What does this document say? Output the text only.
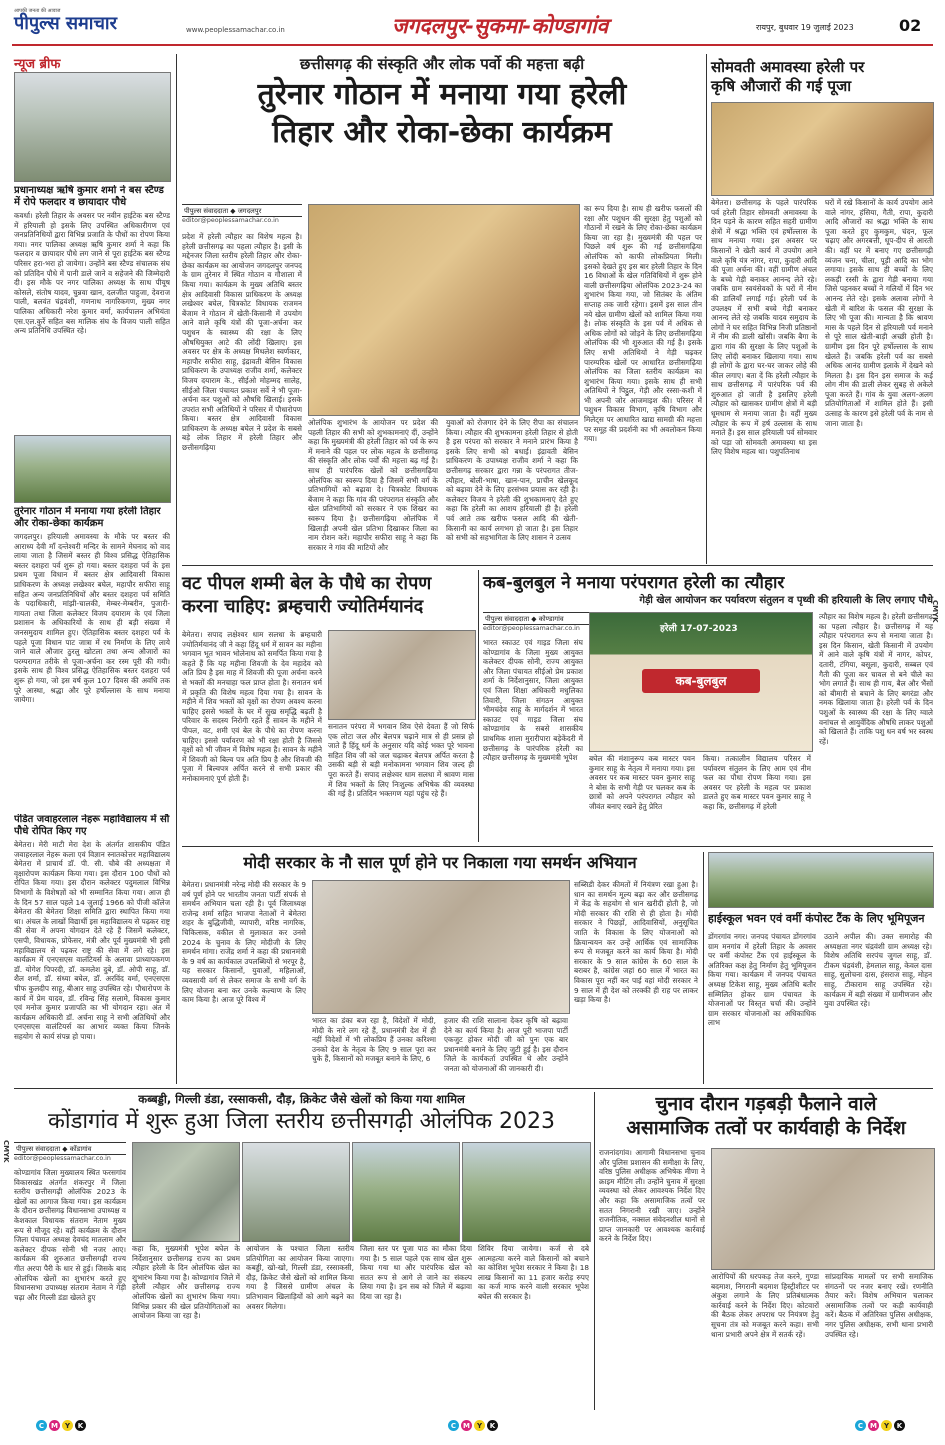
आपकी जनता की आवाज
पीपुल्स समाचार	www.peoplessamachar.co.in	जगदलपुर-सुकमा-कोण्डागांव	रायपुर, बुधवार 19 जुलाई 2023	02
न्यूज ब्रीफ
प्रधानाध्यक्ष ऋषि कुमार शर्मा ने बस स्टैण्ड में रोपे फलदार व छायादार पौधे
कवर्धा। हरेली तिहार के अवसर पर नवीन हाईटेक बस स्टैण्ड में हरियाली हो इसके लिए उपस्थित अधिकारीगण एवं जनप्रतिनिधियों द्वारा विभिन्न प्रजाति के पौधों का रोपण किया गया। नगर पालिका अध्यक्ष ऋषि कुमार शर्मा ने कहा कि फलदार व छायादार पौधे लग जाने से पूरा हाईटेक बस स्टैण्ड परिसर हरा-भरा हो जायेगा। उन्होंने बस स्टैण्ड संचालक संघ को प्रतिदिन पौधे में पानी डाले जाने व सहेजने की जिम्मेदारी दी। इस मौके पर नगर पालिका अध्यक्ष के साथ पीयूष कोसले, संतोष यादव, चुन्नवा खान, दलजीत पाहुजा, देवराज पाली, बलवंत चंद्रवंशी, गणनाथ नागरिकगण, मुख्य नगर पालिका अधिकारी नरेश कुमार वर्मा, कार्यपालन अभियंता एस.एल.कुर्रे सहित बस मालिक संघ के विजय पाली सहित अन्य प्रतिनिधि उपस्थित रहे।
तुरेनार गोठान में मनाया गया हरेली तिहार और रोका-छेका कार्यक्रम
जगदलपुर। हरियाली अमावस्या के मौके पर बस्तर की आराध्य देवी माँ दन्तेश्वरी मन्दिर के सामने मेघनाद को वाद लाया जाता है जिसमें बस्तर ही विश्व प्रसिद्ध ऐतिहासिक बस्तर दशहरा पर्व शुरू हो गया। बस्तर दशहरा पर्व के इस प्रथम पूजा विधान में बस्तर क्षेत्र आदिवासी विकास प्राधिकरण के अध्यक्ष लखेश्वर बघेल, महापौर सफीरा साहू सहित अन्य जनप्रतिनिधियों और बस्तर दशहरा पर्व समिति के पदाधिकारी, मांझी-चालकी, मेम्बर-मेम्बरीन, पुजारी-गायता तथा जिला कलेक्टर विजय दयाराम के एवं जिला प्रशासन के अधिकारियों के साथ ही बड़ी संख्या में जनसमुदाय शामिल हुए। ऐतिहासिक बस्तर दशहरा पर्व के पहले पूजा विधान पाट जात्रा में रथ निर्माण के लिए लाये जाने वाले औजार ठुरलु खोटला तथा अन्य औजारों का परम्परागत तरीके से पूजा-अर्चना कर रस्म पूरी की गयी। इसके साथ ही विश्व प्रसिद्ध ऐतिहासिक बस्तर दशहरा पर्व शुरू हो गया, जो इस वर्ष कुल 107 दिवस की अवधि तक पूरे आस्था, श्रद्धा और पूरे हर्षोल्लास के साथ मनाया जायेगा।
पंडित जवाहरलाल नेहरू महाविद्यालय में सौ पौधे रोपित किए गए
बेमेतरा। मेरी माटी मेरा देश के अंतर्गत शासकीय पंडित जवाहरलाल नेहरू कला एवं विज्ञान स्नातकोत्तर महाविद्यालय बेमेतरा में प्राचार्य डॉ. पी. सी. चौबे की अध्यक्षता में वृक्षारोपण कार्यक्रम किया गया। इस दौरान 100 पौधों को रोपित किया गया। इस दौरान कलेक्टर पदुमलाल विभिन्न विभागों के विशेषज्ञों को भी सम्मानित किया गया। आज ही के दिन 57 साल पहले 14 जुलाई 1966 को पीजी कॉलेज बेमेतरा की बेमेतरा शिक्षा समिति द्वारा स्थापित किया गया था। अंचल के लाखों विद्यार्थी इस महाविद्यालय से पढ़कर राष्ट्र की सेवा में अपना योगदान देते रहे हैं जिसमें कलेक्टर, एसपी, विधायक, प्रोफेसर, मंत्री और पूर्व मुख्यमंत्री भी इसी महाविद्यालय से पढ़कर राष्ट्र की सेवा में लगे रहे। इस कार्यक्रम में एनएसएस वालंटियर्स के अलावा प्राध्यापकगण डॉ. योगेश पिपरदी, डॉ. कमलेश दुबे, डॉ. ओपी साहू, डॉ. शैल शर्मा, डॉ. संध्या बघेल, डॉ. अरविंद वर्मा, एनएसएस चीफ कुलदीप साहू, बीआर साहू उपस्थित रहे। पौधारोपण के कार्य में प्रेम यादव, डॉ. रविन्द्र सिंह सलामे, विकास कुमार एवं मनोज कुमार प्रजापति का भी योगदान रहा। अंत में कार्यक्रम अधिकारी डॉ. अर्चना साहू ने सभी अतिथियों और एनएसएस वालंटियर्स का आभार व्यक्त किया जिनके सहयोग से कार्य संपन्न हो पाया।
छत्तीसगढ़ की संस्कृति और लोक पर्वो की महत्ता बढ़ी
तुरेनार गोठान में मनाया गया हरेली
तिहार और रोका-छेका कार्यक्रम
पीपुल्स संवाददाता ◆ जगदलपुर
editor@peoplessamachar.co.in
प्रदेश में हरेली त्यौहार का विशेष महत्व है। हरेली छत्तीसगढ़ का पहला त्यौहार है। इसी के मद्देनजर जिला स्तरीय हरेली तिहार और रोका-छेका कार्यक्रम का आयोजन जगदलपुर जनपद के ग्राम तुरेनार में स्थित गोठान व गौशाला में किया गया। कार्यक्रम के मुख्य अतिथि बस्तर क्षेत्र आदिवासी विकास प्राधिकरण के अध्यक्ष लखेश्वर बघेल, चित्रकोट विधायक राजमन बेंजाम ने गोठान में खेती-किसानी में उपयोग आने वाले कृषि यंत्रों की पूजा-अर्चना कर पशुधन के स्वास्थ्य की रक्षा के लिए औषधियुक्त आटे की लोंदी खिलाए। इस अवसर पर क्षेत्र के अध्यक्ष मिथलेश स्वर्णकार, महापौर सफीरा साहू, इंद्रावती बेसिन विकास प्राधिकरण के उपाध्यक्ष राजीव शर्मा, कलेक्टर विजय दयाराम के., सीईओ मोहम्मद सालेह, सीईओ जिला पंचायत प्रकाश सर्वे ने भी पूजा-अर्चना कर पशुओं को औषधि खिलाई। इसके उपरांत सभी अतिथियों ने परिसर में पौधारोपण किया। बस्तर क्षेत्र आदिवासी विकास प्राधिकरण के अध्यक्ष बघेल ने प्रदेश के सबसे बड़े लोक तिहार में हरेली तिहार और छत्तीसगढ़िया
ओलंपिक शुभारंभ के आयोजन पर प्रदेश की पहली तिहार की सभी को शुभकामनाएं दीं, उन्होंने कहा कि मुख्यमंत्री की हरेली तिहार को पर्व के रूप में मनाने की पहल पर लोक महत्व के छत्तीसगढ़ की संस्कृति और लोक पर्वों की महत्ता बढ़ गई है। साथ ही पारंपरिक खेलों को छत्तीसगढ़िया ओलंपिक का स्वरूप दिया है जिसमें सभी वर्ग के प्रतिभागियों को बढ़ावा दे। चित्रकोट विधायक बेंजाम ने कहा कि गांव की परंपरागत संस्कृति और खेल प्रतिभागियों को सरकार ने एक शिखर का स्वरूप दिया है। छत्तीसगढ़िया ओलंपिक में खिलाड़ी अपनी खेल प्रतिभा दिखाकर जिला का नाम रोशन करें। महापौर सफीरा साहू ने कहा कि सरकार ने गांव की माटियों और
युवाओं को रोजगार देने के लिए रीपा का संचालन किया। त्यौहार की शुभकामना हरेली तिहार से होती है इस परंपरा को सरकार ने मनाने प्रारंभ किया है इसके लिए सभी को बधाई। इंद्रावती बेसिन प्राधिकरण के उपाध्यक्ष राजीव शर्मा ने कहा कि छत्तीसगढ़ सरकार द्वारा गन्ना के परंपरागत तीज-त्यौहार, बोली-भाषा, खान-पान, प्राचीन खेलकूद को बढ़ावा देने के लिए हरसंभव प्रयास कर रही है। कलेक्टर विजय ने हरेली की शुभकामनाएं देते हुए कहा कि हरेली का आशय हरियाली ही है। हरेली पर्व आते तक खरीफ फसल आदि की खेती-किसानी का कार्य लगभग हो जाता है। इस तिहार को सभी को सहभागिता के लिए शासन ने उत्सव
का रूप दिया है। साथ ही खरीफ फसलों की रक्षा और पशुधन की सुरक्षा हेतु पशुओं को गौठानों में रखने के लिए रोका-छेका कार्यक्रम किया जा रहा है। मुख्यमंत्री की पहल पर पिछले वर्ष शुरू की गई छत्तीसगढ़िया ओलंपिक को काफी लोकप्रियता मिली। इसको देखते हुए इस बार हरेली तिहार के दिन 16 विधाओं के खेल गतिविधियों में शुरू होने वाली छत्तीसगढ़िया ओलंपिक 2023-24 का शुभारंभ किया गया, जो सितंबर के अंतिम सप्ताह तक जारी रहेगा। इसमें इस साल तीन नये खेल ग्रामीण खेलों को शामिल किया गया है। लोक संस्कृति के इस पर्व में अधिक से अधिक लोगों को जोड़ने के लिए छत्तीसगढ़िया ओलंपिक की भी शुरुआत की गई है। इसके लिए सभी अतिथियों ने गेड़ी चढ़कर पारम्परिक खेलों पर आधारित छत्तीसगढ़िया ओलंपिक का जिला स्तरीय कार्यक्रम का शुभारंभ किया गया। इसके साथ ही सभी अतिथियों ने पिट्ठुल, गेड़ी और रस्सा-कशी में भी अपनी जोर आजमाइश की। परिसर में पशुधन विकास विभाग, कृषि विभाग और मिलेट्स पर आधारित खाद्य सामग्री की महत्ता पर समूह की प्रदर्शनी का भी अवलोकन किया गया।
सोमवती अमावस्या हरेली पर
कृषि औजारों की गई पूजा
बेमेतरा। छत्तीसगढ़ के पहले पारंपरिक पर्व हरेली तिहार सोमवती अमावस्या के दिन पड़ने के कारण सहित सहरी ग्रामीण क्षेत्रों में श्रद्धा भक्ति एवं हर्षोल्लास के साथ मनाया गया। इस अवसर पर किसानों ने खेती कार्य में उपयोग आने वाले कृषि यंत्र नांगर, रापा, कुदारी आदि की पूजा अर्चना की। वहीं ग्रामीण अंचल के बच्चे गेड़ी बनाकर आनन्द लेते रहे। जबकि ग्राम स्वयंसेवकों के घरों में नीम की डालियाँ लगाई गई। हरेली पर्व के उपलक्ष्य में सभी बच्चे गेड़ी बनाकर आनन्द लेते रहे जबकि यादव समुदाय के लोगों ने घर सहित विभिन्न निजी प्रतिष्ठानों में नीम की डाली खोंसी। जबकि बैगा के द्वारा गांव की सुरक्षा के लिए पशुओं के लिए लोंदी बनाकर खिलाया गया। साथ ही लोगों के द्वारा घर-घर जाकर लोहे की कील लगाए। बता दें कि हरेली त्यौहार के साथ छत्तीसगढ़ में पारंपरिक पर्व की शुरुआत हो जाती है इसलिए हरेली त्यौहार को खासकर ग्रामीण क्षेत्रों में बड़ी धूमधाम से मनाया जाता है। वहीं मुख्य त्यौहार के रूप में हर्ष उल्लास के साथ मनाते हैं। इस साल हरियाली पर्व सोमवार को पड़ा जो सोमवती अमावस्या था इस लिए विशेष महत्व था। पशुपतिनाथ
घरों में रखे किसानों के कार्य उपयोग आने वाले नांगर, हंसिया, गैती, रापा, कुदारी आदि औजारों का श्रद्धा भक्ति के साथ पूजा करते हुए कुमकुम, चंदन, फूल चढ़ाए और अगरबत्ती, धूप-दीप से आरती की। वहीं घर में बनाए गए छत्तीसगढ़ी व्यंजन चना, चीला, पूड़ी आदि का भोग लगाया। इसके साथ ही बच्चों के लिए लकड़ी रस्सी के द्वारा गेड़ी बनाया गया जिसे पहनकर बच्चों ने गलियों में दिन भर आनन्द लेते रहे। इसके अलावा लोगों ने खेती में बारिश के फसल की सुरक्षा के लिए भी पूजा की। मान्यता है कि श्रावण मास के पहले दिन से हरियाली पर्व मनाने से पूरे साल खेती-बाड़ी अच्छी होती है। ग्रामीण इस दिन पूरे हर्षोल्लास के साथ खेलते हैं। जबकि हरेली पर्व का सबसे अधिक आनंद ग्रामीण इलाके में देखने को मिलता है। इस दिन इस समाज के कई लोग नीम की डाली लेकर सुबह से अकेले पूजा करते हैं। गांव के युवा अलग-अलग प्रतियोगिताओं में शामिल होते हैं। इसी उत्साह के कारण इसे हरेली पर्व के नाम से जाना जाता है।
वट पीपल शम्मी बेल के पौधे का रोपण
करना चाहिए: ब्रम्हचारी ज्योतिर्मयानंद
बेमेतरा। सपाद लक्षेश्वर धाम सलधा के ब्रम्हचारी ज्योतिर्मयानंद जी ने कहा हिंदू धर्म में सावन का महीना भगवान भूत भावन भोलेनाथ को समर्पित किया गया है कहते हैं कि यह महीना शिवजी के देव महादेव को अति प्रिय है इस माह में शिवजी की पूजा अर्चना करने से भक्तों की मनचाहा फल प्राप्त होता है। सनातन धर्म में प्रकृति की विशेष महत्व दिया गया है। सावन के महीने में शिव भक्तों को वृक्षों का रोपण अवश्य करना चाहिए इससे भक्तों के घर में सुख समृद्धि बढ़ती है परिवार के सदस्य निरोगी रहते हैं सावन के महीने में पीपल, वट, शमी एवं बेल के पौधे का रोपण करना चाहिए। इससे पर्यावरण को भी रक्षा होती है जिससे वृक्षों को भी जीवन में विशेष महत्व है। सावन के महीने में शिवजी को बिल्व पत्र अति प्रिय है और शिवजी की पूजा में बिल्वपत्र अर्पित करने से सभी प्रकार की मनोकामनाएं पूर्ण होती हैं।
सनातन परंपरा में भगवान शिव ऐसे देवता हैं जो सिर्फ एक लोटा जल और बेलपत्र चढ़ाने मात्र से ही प्रसन्न हो जाते हैं हिंदू धर्म के अनुसार यदि कोई भक्त पूरे भावना सहित शिव जी को जल चढ़ाकर बेलपत्र अर्पित करता है उसकी बड़ी से बड़ी मनोकामना भगवान शिव जल्द ही पूरा करते हैं। सपाद लक्षेश्वर धाम सलधा में श्रावण मास में शिव भक्तों के लिए निःशुल्क अभिषेक की व्यवस्था की गई है। प्रतिदिन भक्तगण यहां पहुंच रहे हैं।
कब-बुलबुल ने मनाया परंपरागत हरेली का त्यौहार
गेड़ी खेल आयोजन कर पर्यावरण संतुलन व पृथ्वी की हरियाली के लिए लगाए पौधे
पीपुल्स संवाददाता ◆ कोण्डागांव
editor@peoplessamachar.co.in
भारत स्काउट एवं गाइड जिला संघ कोण्डागांव के जिला मुख्य आयुक्त कलेक्टर दीपक सोनी, राज्य आयुक्त और जिला पंचायत सीईओ प्रेम प्रकाश शर्मा के निर्देशानुसार, जिला आयुक्त एवं जिला शिक्षा अधिकारी मधुलिका तिवारी, जिला संगठन आयुक्त भीमचंदेव साहू के मार्गदर्शन में भारत स्काउट एवं गाइड जिला संघ कोण्डागांव के सबसे शासकीय प्राथमिक शाला मुरारीपारा बड़ेकेंदरी में छत्तीसगढ़ के पारंपरिक हरेली का त्यौहार छत्तीसगढ़ के मुख्यमंत्री भूपेश
हरेली 17-07-2023
कब-बुलबुल
बघेल की मंशानुरूप कब मास्टर पवन कुमार साहू के नेतृत्व में मनाया गया। इस अवसर पर कब मास्टर पवन कुमार साहू ने बोस के सभी गेड़ी पर चलकर कब के छात्रों को अपने परंपरागत त्यौहार को जीवंत बनाए रखने हेतु प्रेरित
किया। तत्कालीन विद्यालय परिसर में पर्यावरण संतुलन के लिए आम एवं नीम फल का पौधा रोपण किया गया। इस अवसर पर हरेली के महत्व पर प्रकाश डालते हुए कब मास्टर पवन कुमार साहू ने कहा कि, छत्तीसगढ़ में हरेली
त्यौहार का विशेष महत्व है। हरेली छत्तीसगढ़ का पहला त्यौहार है। छत्तीसगढ़ में यह त्यौहार परंपरागत रूप से मनाया जाता है। इस दिन किसान, खेती किसानी में उपयोग में आने वाले कृषि यंत्रों में नागर, कोपर, दतारी, टंगिया, बसूला, कुदारी, सब्बल एवं गैती की पूजा कर चावल से बने चीले का भोग लगाते हैं। साथ ही गाय, बैल और भैंसों को बीमारी से बचाने के लिए बगरंडा और नमक खिलाया जाता है। हरेली पर्व के दिन पशुओं के स्वास्थ्य की रक्षा के लिए ग्वाले वनांचल से आयुर्वेदिक औषधि लाकर पशुओं को खिलाते हैं। ताकि पशु धन वर्ष भर स्वस्थ रहें।
मोदी सरकार के नौ साल पूर्ण होने पर निकाला गया समर्थन अभियान
बेमेतरा। प्रधानमंत्री नरेन्द्र मोदी की सरकार के 9 वर्ष पूर्ण होने पर भारतीय जनता पार्टी संपर्क से समर्थन अभियान चला रही है। पूर्व जिलाध्यक्ष राजेन्द्र शर्मा सहित भाजपा नेताओं ने बेमेतरा शहर के बुद्धिजीवी, व्यापारी, वरिष्ठ नागरिक, चिकित्सक, वकील से मुलाकात कर उनसे 2024 के चुनाव के लिए मोदीजी के लिए समर्थन मांगा। राजेंद्र शर्मा ने कहा की प्रधानमंत्री के 9 वर्ष का कार्यकाल उपलब्धियों से भरपूर है, यह सरकार किसानों, युवाओं, महिलाओं, व्यवसायी वर्ग से लेकर समाज के सभी वर्ग के लिए योजना बना कर उनके कल्याण के लिए काम किया है। आज पूरे विश्व में
भारत का डंका बज रहा है, विदेशों में मोदी, मोदी के नारे लग रहे हैं, प्रधानमंत्री देश में ही नहीं विदेशों में भी लोकप्रिय हैं उनका करिश्मा उनको देश के नेतृत्व के लिए 9 साल पूरा कर चुके हैं, किसानों को मजबूत बनाने के लिए, 6
हजार की राशि सालाना देकर कृषि को बढ़ावा देने का कार्य किया है। आज पूरी भाजपा पार्टी एकजुट होकर मोदी जी को पुनः एक बार प्रधानमंत्री बनाने के लिए जुटी हुई है। इस दौरान जिले के कार्यकर्ता उपस्थित थे और उन्होंने जनता को योजनाओं की जानकारी दी।
सब्सिडी देकर कीमतों में नियंत्रण रखा हुआ है। धान का समर्थन मूल्य बढ़ा कर और छत्तीसगढ़ में केंद्र के सहयोग से धान खरीदी होती है, जो मोदी सरकार की राशि से ही होता है। मोदी सरकार ने पिछड़ों, आदिवासियों, अनुसूचित जाति के विकास के लिए योजनाओं को क्रियान्वयन कर उन्हें आर्थिक एवं सामाजिक रूप से मजबूत करने का कार्य किया है। मोदी सरकार के 9 साल कांग्रेस के 60 साल के बराबर है, कांग्रेस जहां 60 साल में भारत का विकास पूरा नहीं कर पाई वहां मोदी सरकार ने 9 साल में ही देश को तरक्की ही राह पर लाकर खड़ा किया है।
हाईस्कूल भवन एवं वर्मी कंपोस्ट टैंक के लिए भूमिपूजन
डोंगरगांव नगर। जनपद पंचायत डोंगरगांव ग्राम मनगांव में हरेली तिहार के अवसर पर वर्मी कंपोस्ट टैंक एवं हाईस्कूल के अतिरिक्त कक्ष हेतु निर्माण हेतु भूमिपूजन किया गया। कार्यक्रम में जनपद पंचायत अध्यक्ष टिकेश साहू, मुख्य अतिथि बतौर सम्मिलित होकर ग्राम पंचायत के योजनाओं पर विस्तृत चर्चा की। उन्होंने ग्राम सरकार योजनाओं का अधिकाधिक लाभ
उठाने अपील की। उक्त समारोह की अध्यक्षता नगर चंद्रवंशी ग्राम अध्यक्ष रहे। विशेष अतिथि सरपंच जुगल साहू, डॉ. टीकम चंद्रवंशी, हेमलाल साहू, केवल दास साहू, सुलोचना दास, हंसराज साहू, मोहन साहू, टीकाराम साहू उपस्थित रहे। कार्यक्रम में बड़ी संख्या में ग्रामीणजन और युवा उपस्थित रहे।
कब्बड्डी, गिल्ली डंडा, रस्साकसी, दौड़, क्रिकेट जैसे खेलों को किया गया शामिल
कोंडागांव में शुरू हुआ जिला स्तरीय छत्तीसगढ़ी ओलंपिक 2023
पीपुल्स संवाददाता ◆ कोंडागांव
editor@peoplessamachar.co.in
कोण्डागांव जिला मुख्यालय स्थित फरसगांव विकासखंड अंतर्गत शंकरपुर में जिला स्तरीय छत्तीसगढ़ी ओलंपिक 2023 के खेलों का आगाज किया गया। इस कार्यक्रम के दौरान छत्तीसगढ़ विधानसभा उपाध्यक्ष व केशकाल विधायक संतराम नेताम मुख्य रूप से मौजूद रहे। वहीं कार्यक्रम के दौरान जिला पंचायत अध्यक्ष देवचंद मातलाम और कलेक्टर दीपक सोनी भी नजर आए। कार्यक्रम की शुरुआत छत्तीसगढ़ी राज्य गीत अरपा पैरी के धार से हुई। जिसके बाद ओलंपिक खेलों का शुभारंभ करते हुए विधानसभा उपाध्यक्ष संतराम नेताम ने गेड़ी चढ़ा और गिल्ली डंडा खेलते हुए
कहा कि, मुख्यमंत्री भूपेश बघेल के निर्देशानुसार छत्तीसगढ़ राज्य का प्रथम त्यौहार हरेली के दिन ओलंपिक खेल का शुभारंभ किया गया है। कोण्डागांव जिले में हरेली त्यौहार और छत्तीसगढ़ राज्य ओलंपिक खेलों का शुभारंभ किया गया। विभिन्न प्रकार की खेल प्रतियोगिताओं का आयोजन किया जा रहा है।
आयोजन के पश्चात जिला स्तरीय प्रतियोगिता का आयोजन किया जाएगा। कबड्डी, खो-खो, गिल्ली डंडा, रस्साकसी, दौड़, क्रिकेट जैसे खेलों को शामिल किया गया है जिससे ग्रामीण अंचल के प्रतिभावान खिलाड़ियों को आगे बढ़ने का अवसर मिलेगा।
जिला स्तर पर पूजा पाठ का मौका दिया गया है। 5 साल पहले एक साथ खेल शुरू किया गया था और पारंपरिक खेल को सतत रूप से आगे ले जाने का संकल्प लिया गया है। इन सब को जिले में बढ़ावा दिया जा रहा है।
शिविर दिया जायेगा। कर्ज से दबे आत्महत्या करने वाले किसानों को बचाने का कोशिश भूपेश सरकार ने किया है। 18 लाख किसानों का 11 हजार करोड़ रुपए का कर्ज माफ करने वाली सरकार भूपेश बघेल की सरकार है।
चुनाव दौरान गड़बड़ी फैलाने वाले
असामाजिक तत्वों पर कार्यवाही के निर्देश
राजनांदगांव। आगामी विधानसभा चुनाव और पुलिस प्रशासन की समीक्षा के लिए, वरिष्ठ पुलिस अधीक्षक अभिषेक मीणा ने क्राइम मीटिंग ली। उन्होंने चुनाव में सुरक्षा व्यवस्था को लेकर आवश्यक निर्देश दिए और कहा कि असामाजिक तत्वों पर सतत निगरानी रखी जाए। उन्होंने राजनीतिक, नक्सल संवेदनशील थानों से प्राप्त जानकारी पर आवश्यक कार्रवाई करने के निर्देश दिए।
आरोपियों की धरपकड़ तेज करने, गुण्डा बदमाश, निगरानी बदमाश हिस्ट्रीशीटर पर अंकुश लगाने के लिए प्रतिबंधात्मक कार्रवाई करने के निर्देश दिए। कोटवारों की बैठक लेकर अपराध पर नियंत्रण हेतु सूचना तंत्र को मजबूत करने कहा। सभी थाना प्रभारी अपने क्षेत्र में सतर्क रहें।
सांप्रदायिक मामलों पर सभी समाजिक संगठनों पर नजर बनाए रखें। रणनीति तैयार करें। विशेष अभियान चलाकर असामाजिक तत्वों पर कड़ी कार्यवाही करें। बैठक में अतिरिक्त पुलिस अधीक्षक, नगर पुलिस अधीक्षक, सभी थाना प्रभारी उपस्थित रहे।
CMYK
CMYK
C M Y	K	C M Y	K	C M Y	K
